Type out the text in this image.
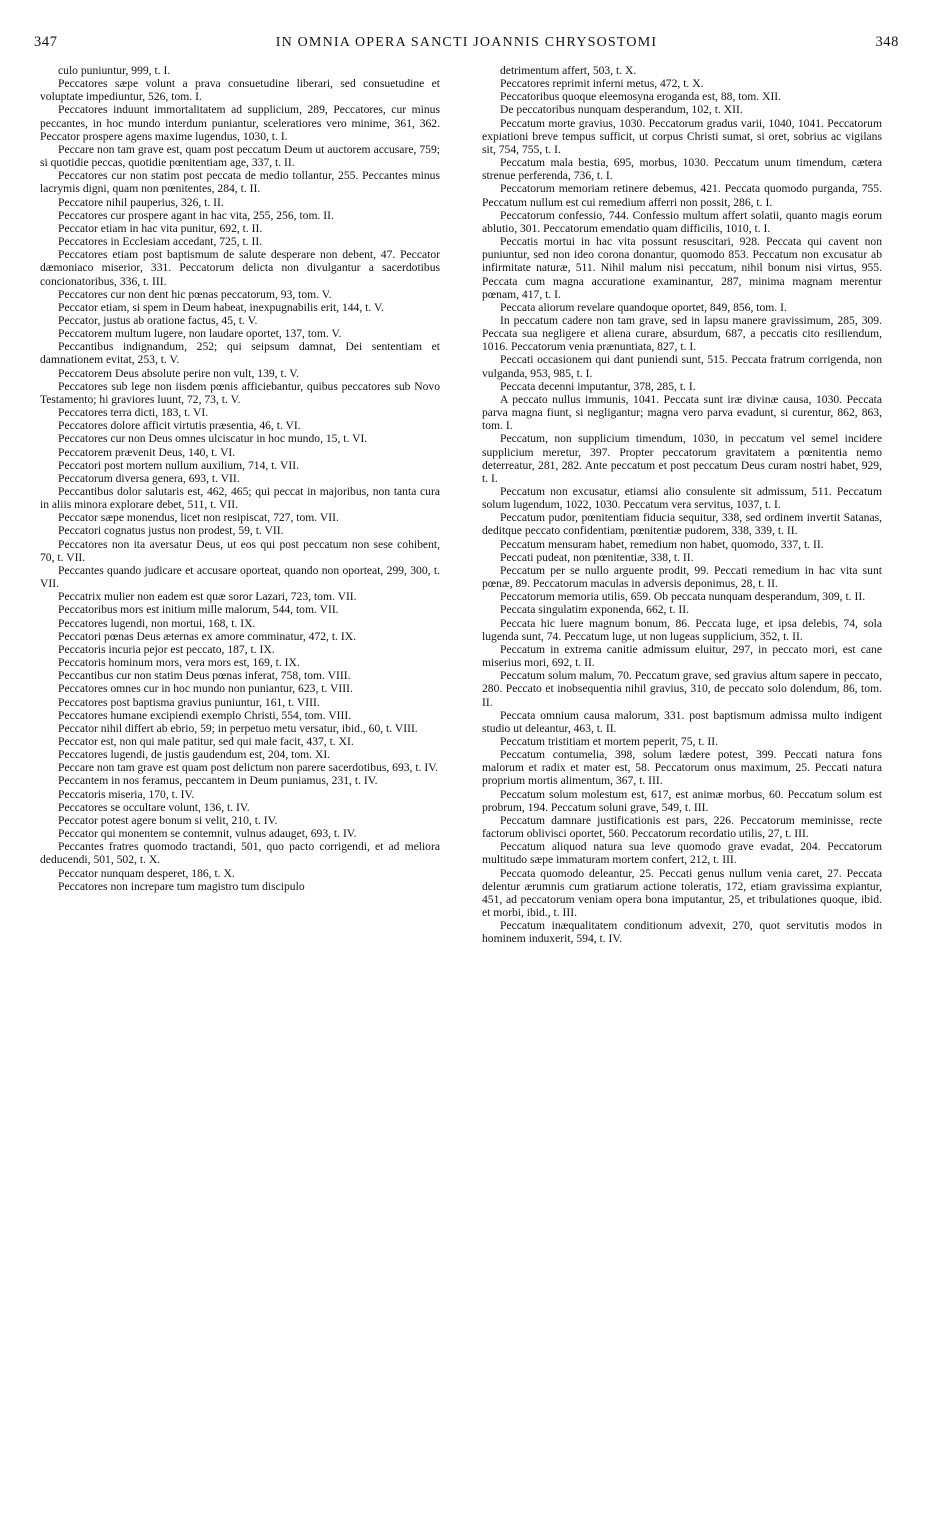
347	IN OMNIA OPERA SANCTI JOANNIS CHRYSOSTOMI	348

culo puniuntur, 999, t. I.

Peccatores sæpe volunt a prava consuetudine liberari, sed consuetudine et voluptate impediuntur, 526, tom. I.

Peccatores induunt immortalitatem ad supplicium, 289, Peccatores, cur minus peccantes, in hoc mundo interdum puniantur, sceleratiores vero minime, 361, 362. Peccator prospere agens maxime lugendus, 1030, t. I.

Peccare non tam grave est, quam post peccatum Deum ut auctorem accusare, 759; si quotidie peccas, quotidie pœnitentiam age, 337, t. II.

Peccatores cur non statim post peccata de medio tollantur, 255. Peccantes minus lacrymis digni, quam non pœnitentes, 284, t. II.

Peccatore nihil pauperius, 326, t. II.

Peccatores cur prospere agant in hac vita, 255, 256, tom. II.

Peccator etiam in hac vita punitur, 692, t. II.

Peccatores in Ecclesiam accedant, 725, t. II.

Peccatores etiam post baptismum de salute desperare non debent, 47. Peccator dæmoniaco miserior, 331. Peccatorum delicta non divulgantur a sacerdotibus concionatoribus, 336, t. III.

Peccatores cur non dent hic pœnas peccatorum, 93, tom. V.

Peccator etiam, si spem in Deum habeat, inexpugnabilis erit, 144, t. V.

Peccator, justus ab oratione factus, 45, t. V.

Peccatorem multum lugere, non laudare oportet, 137, tom. V.

Peccantibus indignandum, 252; qui seipsum damnat, Dei sententiam et damnationem evitat, 253, t. V.

Peccatorem Deus absolute perire non vult, 139, t. V.

Peccatores sub lege non iisdem pœnis afficiebantur, quibus peccatores sub Novo Testamento; hi graviores luunt, 72, 73, t. V.

Peccatores terra dicti, 183, t. VI.

Peccatores dolore afficit virtutis præsentia, 46, t. VI.

Peccatores cur non Deus omnes ulciscatur in hoc mundo, 15, t. VI.

Peccatorem prævenit Deus, 140, t. VI.

Peccatori post mortem nullum auxilium, 714, t. VII.

Peccatorum diversa genera, 693, t. VII.

Peccantibus dolor salutaris est, 462, 465; qui peccat in majoribus, non tanta cura in aliis minora explorare debet, 511, t. VII.

Peccator sæpe monendus, licet non resipiscat, 727, tom. VII.

Peccatori cognatus justus non prodest, 59, t. VII.

Peccatores non ita aversatur Deus, ut eos qui post peccatum non sese cohibent, 70, t. VII.

Peccantes quando judicare et accusare oporteat, quando non oporteat, 299, 300, t. VII.

Peccatrix mulier non eadem est quæ soror Lazari, 723, tom. VII.

Peccatoribus mors est initium mille malorum, 544, tom. VII.

Peccatores lugendi, non mortui, 168, t. IX.

Peccatori pœnas Deus æternas ex amore comminatur, 472, t. IX.

Peccatoris incuria pejor est peccato, 187, t. IX.

Peccatoris hominum mors, vera mors est, 169, t. IX.

Peccantibus cur non statim Deus pœnas inferat, 758, tom. VIII.

Peccatores omnes cur in hoc mundo non puniantur, 623, t. VIII.

Peccatores post baptisma gravius puniuntur, 161, t. VIII.

Peccatores humane excipiendi exemplo Christi, 554, tom. VIII.

Peccator nihil differt ab ebrio, 59; in perpetuo metu versatur, ibid., 60, t. VIII.

Peccator est, non qui male patitur, sed qui male facit, 437, t. XI.

Peccatores lugendi, de justis gaudendum est, 204, tom. XI.

Peccare non tam grave est quam post delictum non parere sacerdotibus, 693, t. IV.

Peccantem in nos feramus, peccantem in Deum puniamus, 231, t. IV.

Peccatoris miseria, 170, t. IV.

Peccatores se occultare volunt, 136, t. IV.

Peccator potest agere bonum si velit, 210, t. IV.

Peccator qui monentem se contemnit, vulnus adauget, 693, t. IV.

Peccantes fratres quomodo tractandi, 501, quo pacto corrigendi, et ad meliora deducendi, 501, 502, t. X.

Peccator nunquam desperet, 186, t. X.

Peccatores non increpare tum magistro tum discipulo

detrimentum affert, 503, t. X.

Peccatores reprimit inferni metus, 472, t. X.

Peccatoribus quoque eleemosyna eroganda est, 88, tom. XII.

De peccatoribus nunquam desperandum, 102, t. XII.

Peccatum morte gravius, 1030. Peccatorum gradus varii, 1040, 1041. Peccatorum expiationi breve tempus sufficit, ut corpus Christi sumat, si oret, sobrius ac vigilans sit, 754, 755, t. I.

Peccatum mala bestia, 695, morbus, 1030. Peccatum unum timendum, cætera strenue perferenda, 736, t. I.

Peccatorum memoriam retinere debemus, 421. Peccata quomodo purganda, 755. Peccatum nullum est cui remedium afferri non possit, 286, t. I.

Peccatorum confessio, 744. Confessio multum affert solatii, quanto magis eorum ablutio, 301. Peccatorum emendatio quam difficilis, 1010, t. I.

Peccatis mortui in hac vita possunt resuscitari, 928. Peccata qui cavent non puniuntur, sed non ideo corona donantur, quomodo 853. Peccatum non excusatur ab infirmitate naturæ, 511. Nihil malum nisi peccatum, nihil bonum nisi virtus, 955. Peccata cum magna accuratione examinantur, 287, minima magnam merentur pœnam, 417, t. I.

Peccata aliorum revelare quandoque oportet, 849, 856, tom. I.

In peccatum cadere non tam grave, sed in lapsu manere gravissimum, 285, 309. Peccata sua negligere et aliena curare, absurdum, 687, a peccatis cito resiliendum, 1016. Peccatorum venia prænuntiata, 827, t. I.

Peccati occasionem qui dant puniendi sunt, 515. Peccata fratrum corrigenda, non vulganda, 953, 985, t. I.

Peccata decenni imputantur, 378, 285, t. I.

A peccato nullus immunis, 1041. Peccata sunt iræ divinæ causa, 1030. Peccata parva magna fiunt, si negligantur; magna vero parva evadunt, si curentur, 862, 863, tom. I.

Peccatum, non supplicium timendum, 1030, in peccatum vel semel incidere supplicium meretur, 397. Propter peccatorum gravitatem a pœnitentia nemo deterreatur, 281, 282. Ante peccatum et post peccatum Deus curam nostri habet, 929, t. I.

Peccatum non excusatur, etiamsi alio consulente sit admissum, 511. Peccatum solum lugendum, 1022, 1030. Peccatum vera servitus, 1037, t. I.

Peccatum pudor, pœnitentiam fiducia sequitur, 338, sed ordinem invertit Satanas, deditque peccato confidentiam, pœnitentiæ pudorem, 338, 339, t. II.

Peccatum mensuram habet, remedium non habet, quomodo, 337, t. II.

Peccati pudeat, non pœnitentiæ, 338, t. II.

Peccatum per se nullo arguente prodit, 99. Peccati remedium in hac vita sunt pœnæ, 89. Peccatorum maculas in adversis deponimus, 28, t. II.

Peccatorum memoria utilis, 659. Ob peccata nunquam desperandum, 309, t. II.

Peccata singulatim exponenda, 662, t. II.

Peccata hic luere magnum bonum, 86. Peccata luge, et ipsa delebis, 74, sola lugenda sunt, 74. Peccatum luge, ut non lugeas supplicium, 352, t. II.

Peccatum in extrema canitie admissum eluitur, 297, in peccato mori, est cane miserius mori, 692, t. II.

Peccatum solum malum, 70. Peccatum grave, sed gravius altum sapere in peccato, 280. Peccato et inobsequentia nihil gravius, 310, de peccato solo dolendum, 86, tom. II.

Peccata omnium causa malorum, 331. post baptismum admissa multo indigent studio ut deleantur, 463, t. II.

Peccatum tristitiam et mortem peperit, 75, t. II.

Peccatum contumelia, 398, solum lædere potest, 399. Peccati natura fons malorum et radix et mater est, 58. Peccatorum onus maximum, 25. Peccati natura proprium mortis alimentum, 367, t. III.

Peccatum solum molestum est, 617, est animæ morbus, 60. Peccatum solum est probrum, 194. Peccatum soluni grave, 549, t. III.

Peccatum damnare justificationis est pars, 226. Peccatorum meminisse, recte factorum oblivisci oportet, 560. Peccatorum recordatio utilis, 27, t. III.

Peccatum aliquod natura sua leve quomodo grave evadat, 204. Peccatorum multitudo sæpe immaturam mortem confert, 212, t. III.

Peccata quomodo deleantur, 25. Peccati genus nullum venia caret, 27. Peccata delentur ærumnis cum gratiarum actione toleratis, 172, etiam gravissima expiantur, 451, ad peccatorum veniam opera bona imputantur, 25, et tribulationes quoque, ibid. et morbi, ibid., t. III.

Peccatum inæqualitatem conditionum advexit, 270, quot servitutis modos in hominem induxerit, 594, t. IV.
